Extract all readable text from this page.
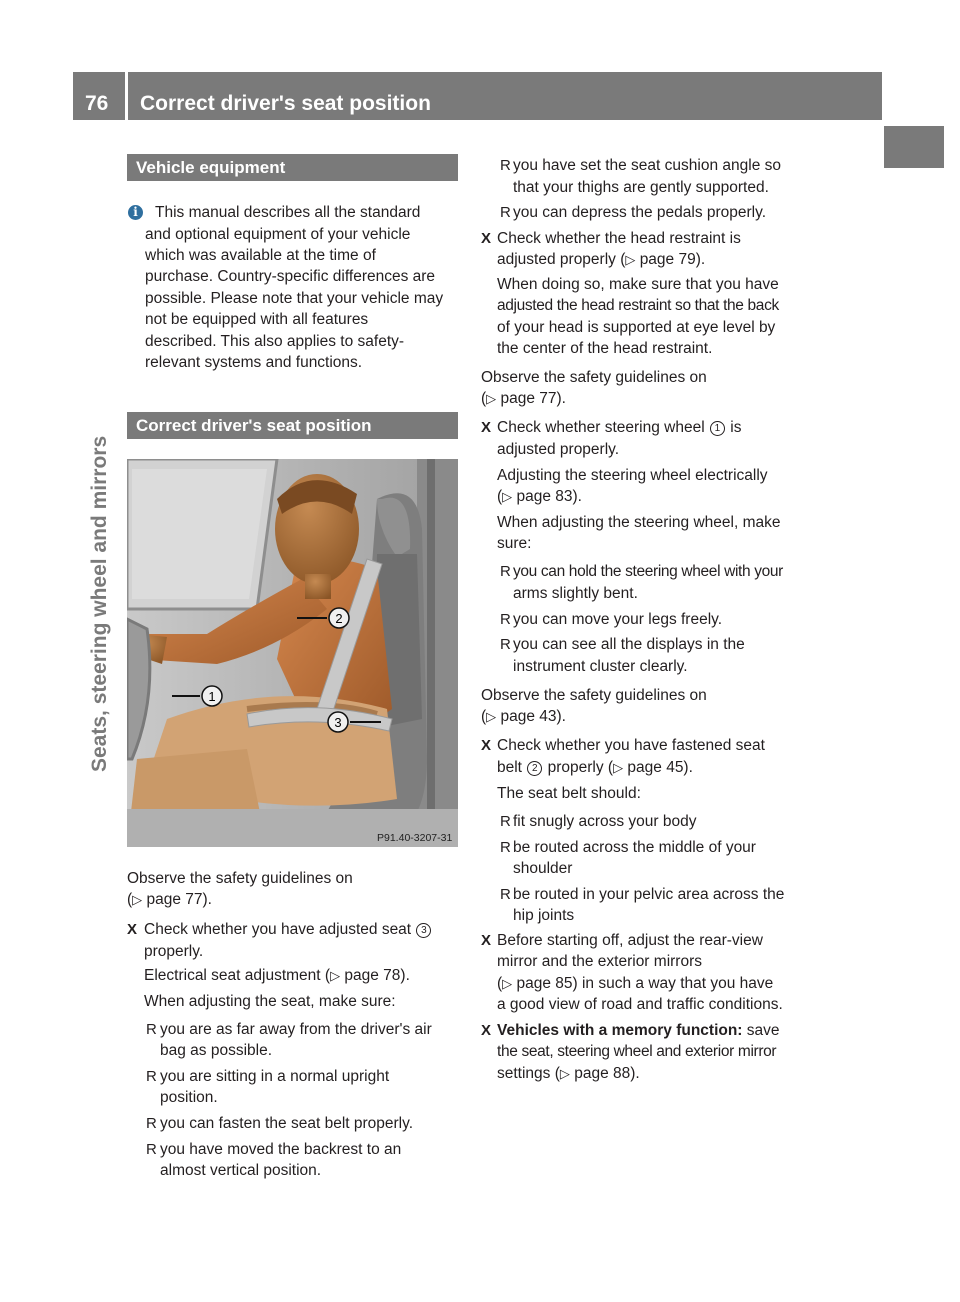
76	Correct driver's seat position
Seats, steering wheel and mirrors
Vehicle equipment
i	This manual describes all the standard
and optional equipment of your vehicle
which was available at the time of
purchase. Country-specific differences are
possible. Please note that your vehicle may
not be equipped with all features
described. This also applies to safety-
relevant systems and functions.
Correct driver's seat position
2
1
3
P91.40-3207-31
Observe the safety guidelines on
(▷ page 77).
X Check whether you have adjusted seat 3
properly.
Electrical seat adjustment (▷ page 78).
When adjusting the seat, make sure:
R you are as far away from the driver's air
bag as possible.
R you are sitting in a normal upright
position.
R you can fasten the seat belt properly.
R you have moved the backrest to an
almost vertical position.
R you have set the seat cushion angle so
that your thighs are gently supported.
R you can depress the pedals properly.
X Check whether the head restraint is
adjusted properly (▷ page 79).
When doing so, make sure that you have
adjusted the head restraint so that the back
of your head is supported at eye level by
the center of the head restraint.
Observe the safety guidelines on
(▷ page 77).
X Check whether steering wheel 1 is
adjusted properly.
Adjusting the steering wheel electrically
(▷ page 83).
When adjusting the steering wheel, make
sure:
R you can hold the steering wheel with your
arms slightly bent.
R you can move your legs freely.
R you can see all the displays in the
instrument cluster clearly.
Observe the safety guidelines on
(▷ page 43).
X Check whether you have fastened seat
belt 2 properly (▷ page 45).
The seat belt should:
R fit snugly across your body
R be routed across the middle of your
shoulder
R be routed in your pelvic area across the
hip joints
X Before starting off, adjust the rear-view
mirror and the exterior mirrors
(▷ page 85) in such a way that you have
a good view of road and traffic conditions.
X Vehicles with a memory function: save
the seat, steering wheel and exterior mirror
settings (▷ page 88).
